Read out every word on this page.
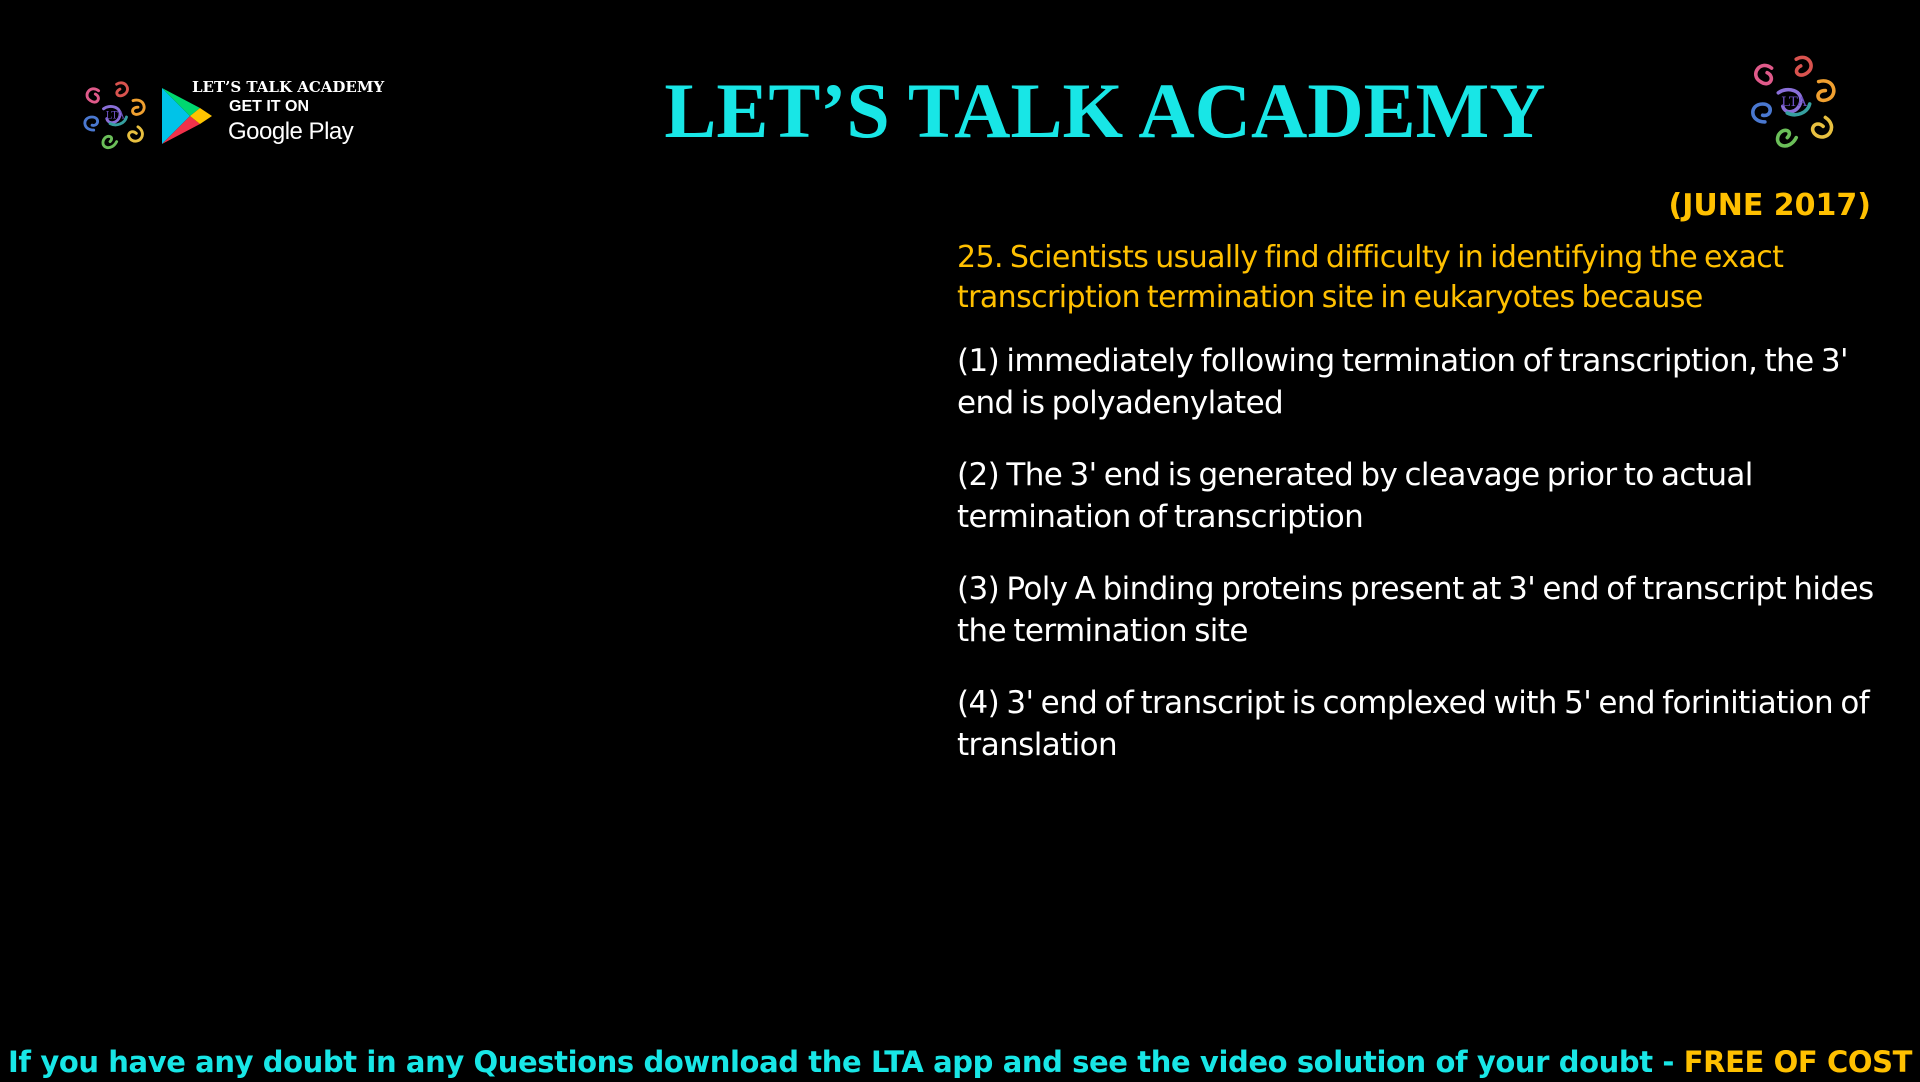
LTA
LET’S TALK ACADEMY
GET IT ON
Google Play	LET’S TALK ACADEMY	LTA
(JUNE 2017)

25. Scientists usually find difficulty in identifying the exact transcription termination site in eukaryotes because

(1) immediately following termination of transcription, the 3' end is polyadenylated

(2) The 3' end is generated by cleavage prior to actual termination of transcription

(3) Poly A binding proteins present at 3' end of transcript hides the termination site

(4) 3' end of transcript is complexed with 5' end forinitiation of translation

If you have any doubt in any Questions download the LTA app and see the video solution of your doubt - FREE OF COST
